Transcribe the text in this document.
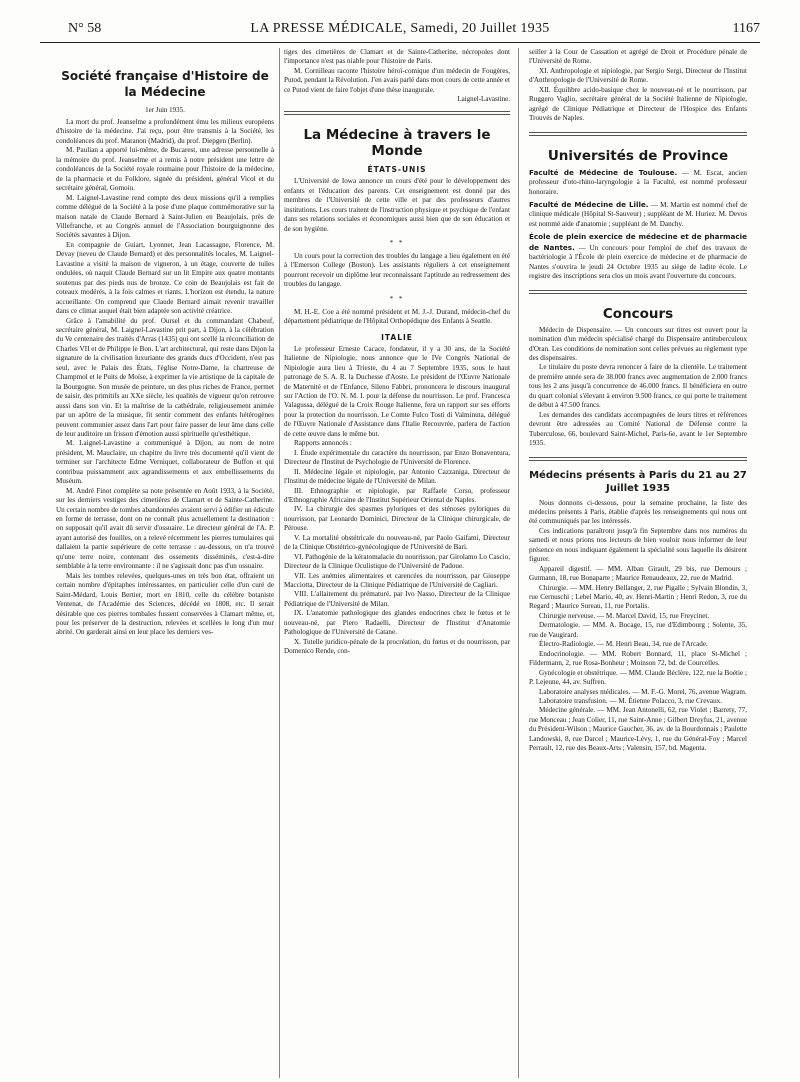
N° 58	LA PRESSE MÉDICALE, Samedi, 20 Juillet 1935	1167
Société française d'Histoire de la Médecine
1er Juin 1935.

La mort du prof. Jeanselme a profondément ému les milieux européens d'histoire de la médecine. J'ai reçu, pour être transmis à la Société, les condoléances du prof. Maranon (Madrid), du prof. Diepgen (Berlin).

M. Paulian a apporté lui-même, de Bucarest, une adresse personnelle à la mémoire du prof. Jeanselme et a remis à notre président une lettre de condoléances de la Société royale roumaine pour l'histoire de la médecine, de la pharmacie et du Folklore, signée du président, général Vicol et du secrétaire général, Gomoiu.

M. Laignel-Lavastine rend compte des deux missions qu'il a remplies comme délégué de la Société à la pose d'une plaque commémorative sur la maison natale de Claude Bernard à Saint-Julien en Beaujolais, près de Villefranche, et au Congrès annuel de l'Association bourguignonne des Sociétés savantes à Dijon.

En compagnie de Guiart, Lyonnet, Jean Lacassagne, Florence, M. Devay (neveu de Claude Bernard) et des personnalités locales, M. Laignel-Lavastine a visité la maison de vigneron, à un étage, couverte de tuiles ondulées, où naquit Claude Bernard sur un lit Empire aux quatre montants soutenus par des pieds nus de bronze. Ce coin de Beaujolais est fait de coteaux modérés, à la fois calmes et riants. L'horizon est étendu, la nature accueillante. On comprend que Claude Bernard aimait revenir travailler dans ce climat auquel était bien adaptée son activité créatrice.

Grâce à l'amabilité du prof. Oursel et du commandant Chabeuf, secrétaire général, M. Laignel-Lavastine prit part, à Dijon, à la célébration du Ve centenaire des traités d'Arras (1435) qui ont scellé la réconciliation de Charles VII et de Philippe le Bon. L'art architectural, qui reste dans Dijon la signature de la civilisation luxuriante des grands ducs d'Occident, n'est pas seul, avec le Palais des États, l'église Notre-Dame, la chartreuse de Champmol et le Puits de Moïse, à exprimer la vie artistique de la capitale de la Bourgogne. Son musée de peinture, un des plus riches de France, permet de saisir, des primitifs au XXe siècle, les qualités de vigueur qu'on retrouve aussi dans son vin. Et la maîtrise de la cathédrale, religieusement animée par un apôtre de la musique, fit sentir comment des enfants hétérogènes peuvent communier assez dans l'art pour faire passer de leur âme dans celle de leur auditoire un frisson d'émotion aussi spirituelle qu'esthétique.

M. Laignel-Lavastine a communiqué à Dijon, au nom de notre président, M. Mauclaire, un chapitre du livre très documenté qu'il vient de terminer sur l'architecte Edme Verniquet, collaborateur de Buffon et qui contribua puissamment aux agrandissements et aux embellissements du Muséum.

M. André Finot complète sa note présentée en Août 1933, à la Société, sur les derniers vestiges des cimetières de Clamart et de Sainte-Catherine. Un certain nombre de tombes abandonnées avaient servi à édifier un édicule en forme de terrasse, dont on ne connaît plus actuellement la destination : on supposait qu'il avait dû servir d'ossuaire. Le directeur général de l'A. P. ayant autorisé des fouilles, on a relevé récemment les pierres tumulaires qui dallaient la partie supérieure de cette terrasse : au-dessous, on n'a trouvé qu'une terre noire, contenant des ossements disséminés, c'est-à-dire semblable à la terre environnante : il ne s'agissait donc pas d'un ossuaire.

Mais les tombes relevées, quelques-unes en très bon état, offraient un certain nombre d'épitaphes intéressantes, en particulier celle d'un curé de Saint-Médard, Louis Bertier, mort en 1810, celle du célèbre botaniste Ventenat, de l'Académie des Sciences, décédé en 1808, etc. Il serait désirable que ces pierres tombales fussent conservées à Clamart même, et, pour les préserver de la destruction, relevées et scellées le long d'un mur abrité. On garderait ainsi en leur place les derniers ves-

tiges des cimetières de Clamart et de Sainte-Catherine, nécropoles dont l'importance n'est pas niable pour l'histoire de Paris.

M. Cornilleau raconte l'histoire héroï-comique d'un médecin de Fougères, Putod, pendant la Révolution. J'en avais parlé dans mon cours de cette année et ce Putod vient de faire l'objet d'une thèse inaugurale.

Laignel-Lavastine.
La Médecine à travers le Monde
ÉTATS-UNIS

L'Université de Iowa annonce un cours d'été pour le développement des enfants et l'éducation des parents. Cet enseignement est donné par des membres de l'Université de cette ville et par des professeurs d'autres institutions. Les cours traitent de l'instruction physique et psychique de l'enfant dans ses relations sociales et économiques aussi bien que de son éducation et de son hygiène.

* *

Un cours pour la correction des troubles du langage a lieu également en été à l'Emerson College (Boston). Les assistants réguliers à cet enseignement pourront recevoir un diplôme leur reconnaissant l'aptitude au redressement des troubles du langage.

* *

M. H.-E. Coe a été nommé président et M. J.-J. Durand, médecin-chef du département pédiatrique de l'Hôpital Orthopédique des Enfants à Seattle.

ITALIE

Le professeur Erneste Cacace, fondateur, il y a 30 ans, de la Société Italienne de Nipiologie, nous annonce que le IVe Congrès National de Nipiologie aura lieu à Trieste, du 4 au 7 Septembre 1935, sous le haut patronage de S. A. R. la Duchesse d'Aoste. Le président de l'Œuvre Nationale de Maternité et de l'Enfance, Sileno Fabbri, prononcera le discours inaugural sur l'Action de l'O. N. M. I. pour la défense du nourrisson. Le prof. Francesca Valagussa, délégué de la Croix Rouge Italienne, fera un rapport sur ses efforts pour la protection du nourrisson. Le Comte Fulco Tosti di Valminuta, délégué de l'Œuvre Nationale d'Assistance dans l'Italie Recouvrée, parlera de l'action de cette œuvre dans le même but.

Rapports annoncés :

I. Étude expérimentale du caractère du nourrisson, par Enzo Bonaventura, Directeur de l'Institut de Psychologie de l'Université de Florence.

II. Médecine légale et nipiologie, par Antonio Cazzaniga, Directeur de l'Institut de médecine légale de l'Université de Milan.

III. Ethnographie et nipiologie, par Raffaele Corso, professeur d'Ethnographie Africaine de l'Institut Supérieur Oriental de Naples.

IV. La chirurgie des spasmes pyloriques et des sténoses pyloriques du nourrisson, par Leonardo Dominici, Directeur de la Clinique chirurgicale, de Pérouse.

V. La mortalité obstétricale du nouveau-né, par Paolo Gaifami, Directeur de la Clinique Obstétrico-gynécologique de l'Université de Bari.

VI. Pathogénie de la kératomalacie du nourrisson, par Girolamo Lo Cascio, Directeur de la Clinique Oculistique de l'Université de Padoue.

VII. Les anémies alimentaires et carencées du nourrisson, par Giuseppe Macciotta, Directeur de la Clinique Pédiatrique de l'Université de Cagliari.

VIII. L'allaitement du prématuré, par Ivo Nasso, Directeur de la Clinique Pédiatrique de l'Université de Milan.

IX. L'anatomie pathologique des glandes endocrines chez le fœtus et le nouveau-né, par Piero Radaelli, Directeur de l'Institut d'Anatomie Pathologique de l'Université de Catane.

X. Tutelle juridico-pénale de la procréation, du fœtus et du nourrisson, par Domenico Rende, con-

seiller à la Cour de Cassation et agrégé de Droit et Procédure pénale de l'Université de Rome.

XI. Anthropologie et nipiologie, par Sergio Sergi, Directeur de l'Institut d'Anthropologie de l'Université de Rome.

XII. Équilibre acido-basique chez le nouveau-né et le nourrisson, par Ruggero Vaglio, secrétaire général de la Société Italienne de Nipiologie, agrégé de Clinique Pédiatrique et Directeur de l'Hospice des Enfants Trouvés de Naples.

Universités de Province

Faculté de Médecine de Toulouse. — M. Escat, ancien professeur d'oto-rhino-laryngologie à la Faculté, est nommé professeur honoraire.

Faculté de Médecine de Lille. — M. Martin est nommé chef de clinique médicale (Hôpital St-Sauveur) ; suppléant de M. Huriez. M. Devos est nommé aide d'anatomie ; suppléant de M. Danchy.

École de plein exercice de médecine et de pharmacie de Nantes. — Un concours pour l'emploi de chef des travaux de bactériologie à l'École de plein exercice de médecine et de pharmacie de Nantes s'ouvrira le jeudi 24 Octobre 1935 au siège de ladite école. Le registre des inscriptions sera clos un mois avant l'ouverture du concours.

Concours

Médecin de Dispensaire. — Un concours sur titres est ouvert pour la nomination d'un médecin spécialisé chargé du Dispensaire antituberculeux d'Oran. Les conditions de nomination sont celles prévues au règlement type des dispensaires.

Le titulaire du poste devra renoncer à faire de la clientèle. Le traitement de première année sera de 38.000 francs avec augmentation de 2.000 francs tous les 2 ans jusqu'à concurrence de 46.000 francs. Il bénéficiera en outre du quart colonial s'élevant à environ 9.500 francs, ce qui porte le traitement de début à 47.500 francs.

Les demandes des candidats accompagnées de leurs titres et références devront être adressées au Comité National de Défense contre la Tuberculose, 66, boulevard Saint-Michel, Paris-6e, avant le 1er Septembre 1935.

Médecins présents à Paris du 21 au 27 Juillet 1935

Nous donnons ci-dessous, pour la semaine prochaine, la liste des médecins présents à Paris, établie d'après les renseignements qui nous ont été communiqués par les intéressés.

Ces indications paraîtront jusqu'à fin Septembre dans nos numéros du samedi et nous prions nos lecteurs de bien vouloir nous informer de leur présence en nous indiquant également la spécialité sous laquelle ils désirent figurer.

Appareil digestif. — MM. Alban Girault, 29 bis, rue Demours ; Gutmann, 18, rue Bonaparte ; Maurice Renaudeaux, 22, rue de Madrid.

Chirurgie. — MM. Henry Bellanger, 2, rue Pigalle ; Sylvain Blondin, 3, rue Cernuschi ; Lebel Mario, 40, av. Henri-Martin ; Henri Redon, 3, rue du Regard ; Maurice Sureau, 11, rue Portalis.

Chirurgie nerveuse. — M. Marcel David, 15, rue Freycinet.

Dermatologie. — MM. A. Bocage, 15, rue d'Edimbourg ; Solente, 35, rue de Vaugirard.

Électro-Radiologie. — M. Henri Beau, 34, rue de l'Arcade.

Endocrinologie. — MM. Robert Bonnard, 11, place St-Michel ; Fildermann, 2, rue Rosa-Bonheur ; Moinson 72, bd. de Courcelles.

Gynécologie et obstétrique. — MM. Claude Béclère, 122, rue la Boétie ; P. Lejeune, 44, av. Suffren.

Laboratoire analyses médicales. — M. F.-G. Morel, 76, avenue Wagram.

Laboratoire transfusion. — M. Étienne Polacco, 3, rue Crevaux.

Médecine générale. — MM. Jean Antonelli, 62, rue Violet ; Barrety, 77, rue Monceau ; Jean Colier, 11, rue Saint-Anne ; Gilbert Dreyfus, 21, avenue du Président-Wilson ; Maurice Gaucher, 36, av. de la Bourdonnais ; Paulette Landowski, 8, rue Darcel ; Maurice-Lévy, 1, rue du Général-Foy ; Marcel Perrault, 12, rue des Beaux-Arts ; Valensin, 157, bd. Magenta.
